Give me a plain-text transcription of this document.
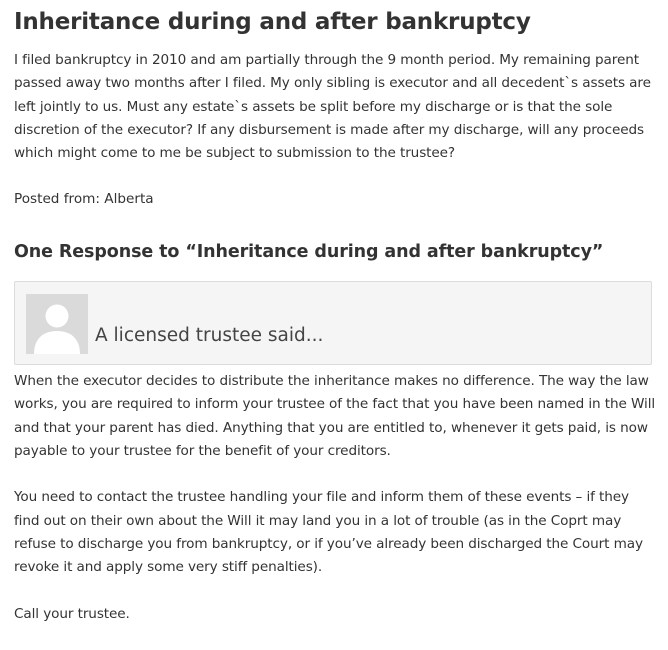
Inheritance during and after bankruptcy

I filed bankruptcy in 2010 and am partially through the 9 month period. My remaining parent passed away two months after I filed. My only sibling is executor and all decedent`s assets are left jointly to us. Must any estate`s assets be split before my discharge or is that the sole discretion of the executor? If any disbursement is made after my discharge, will any proceeds which might come to me be subject to submission to the trustee?

Posted from: Alberta

One Response to “Inheritance during and after bankruptcy”
A licensed trustee said...

When the executor decides to distribute the inheritance makes no difference. The way the law works, you are required to inform your trustee of the fact that you have been named in the Will and that your parent has died. Anything that you are entitled to, whenever it gets paid, is now payable to your trustee for the benefit of your creditors.

You need to contact the trustee handling your file and inform them of these events – if they find out on their own about the Will it may land you in a lot of trouble (as in the Coprt may refuse to discharge you from bankruptcy, or if you’ve already been discharged the Court may revoke it and apply some very stiff penalties).

Call your trustee.
